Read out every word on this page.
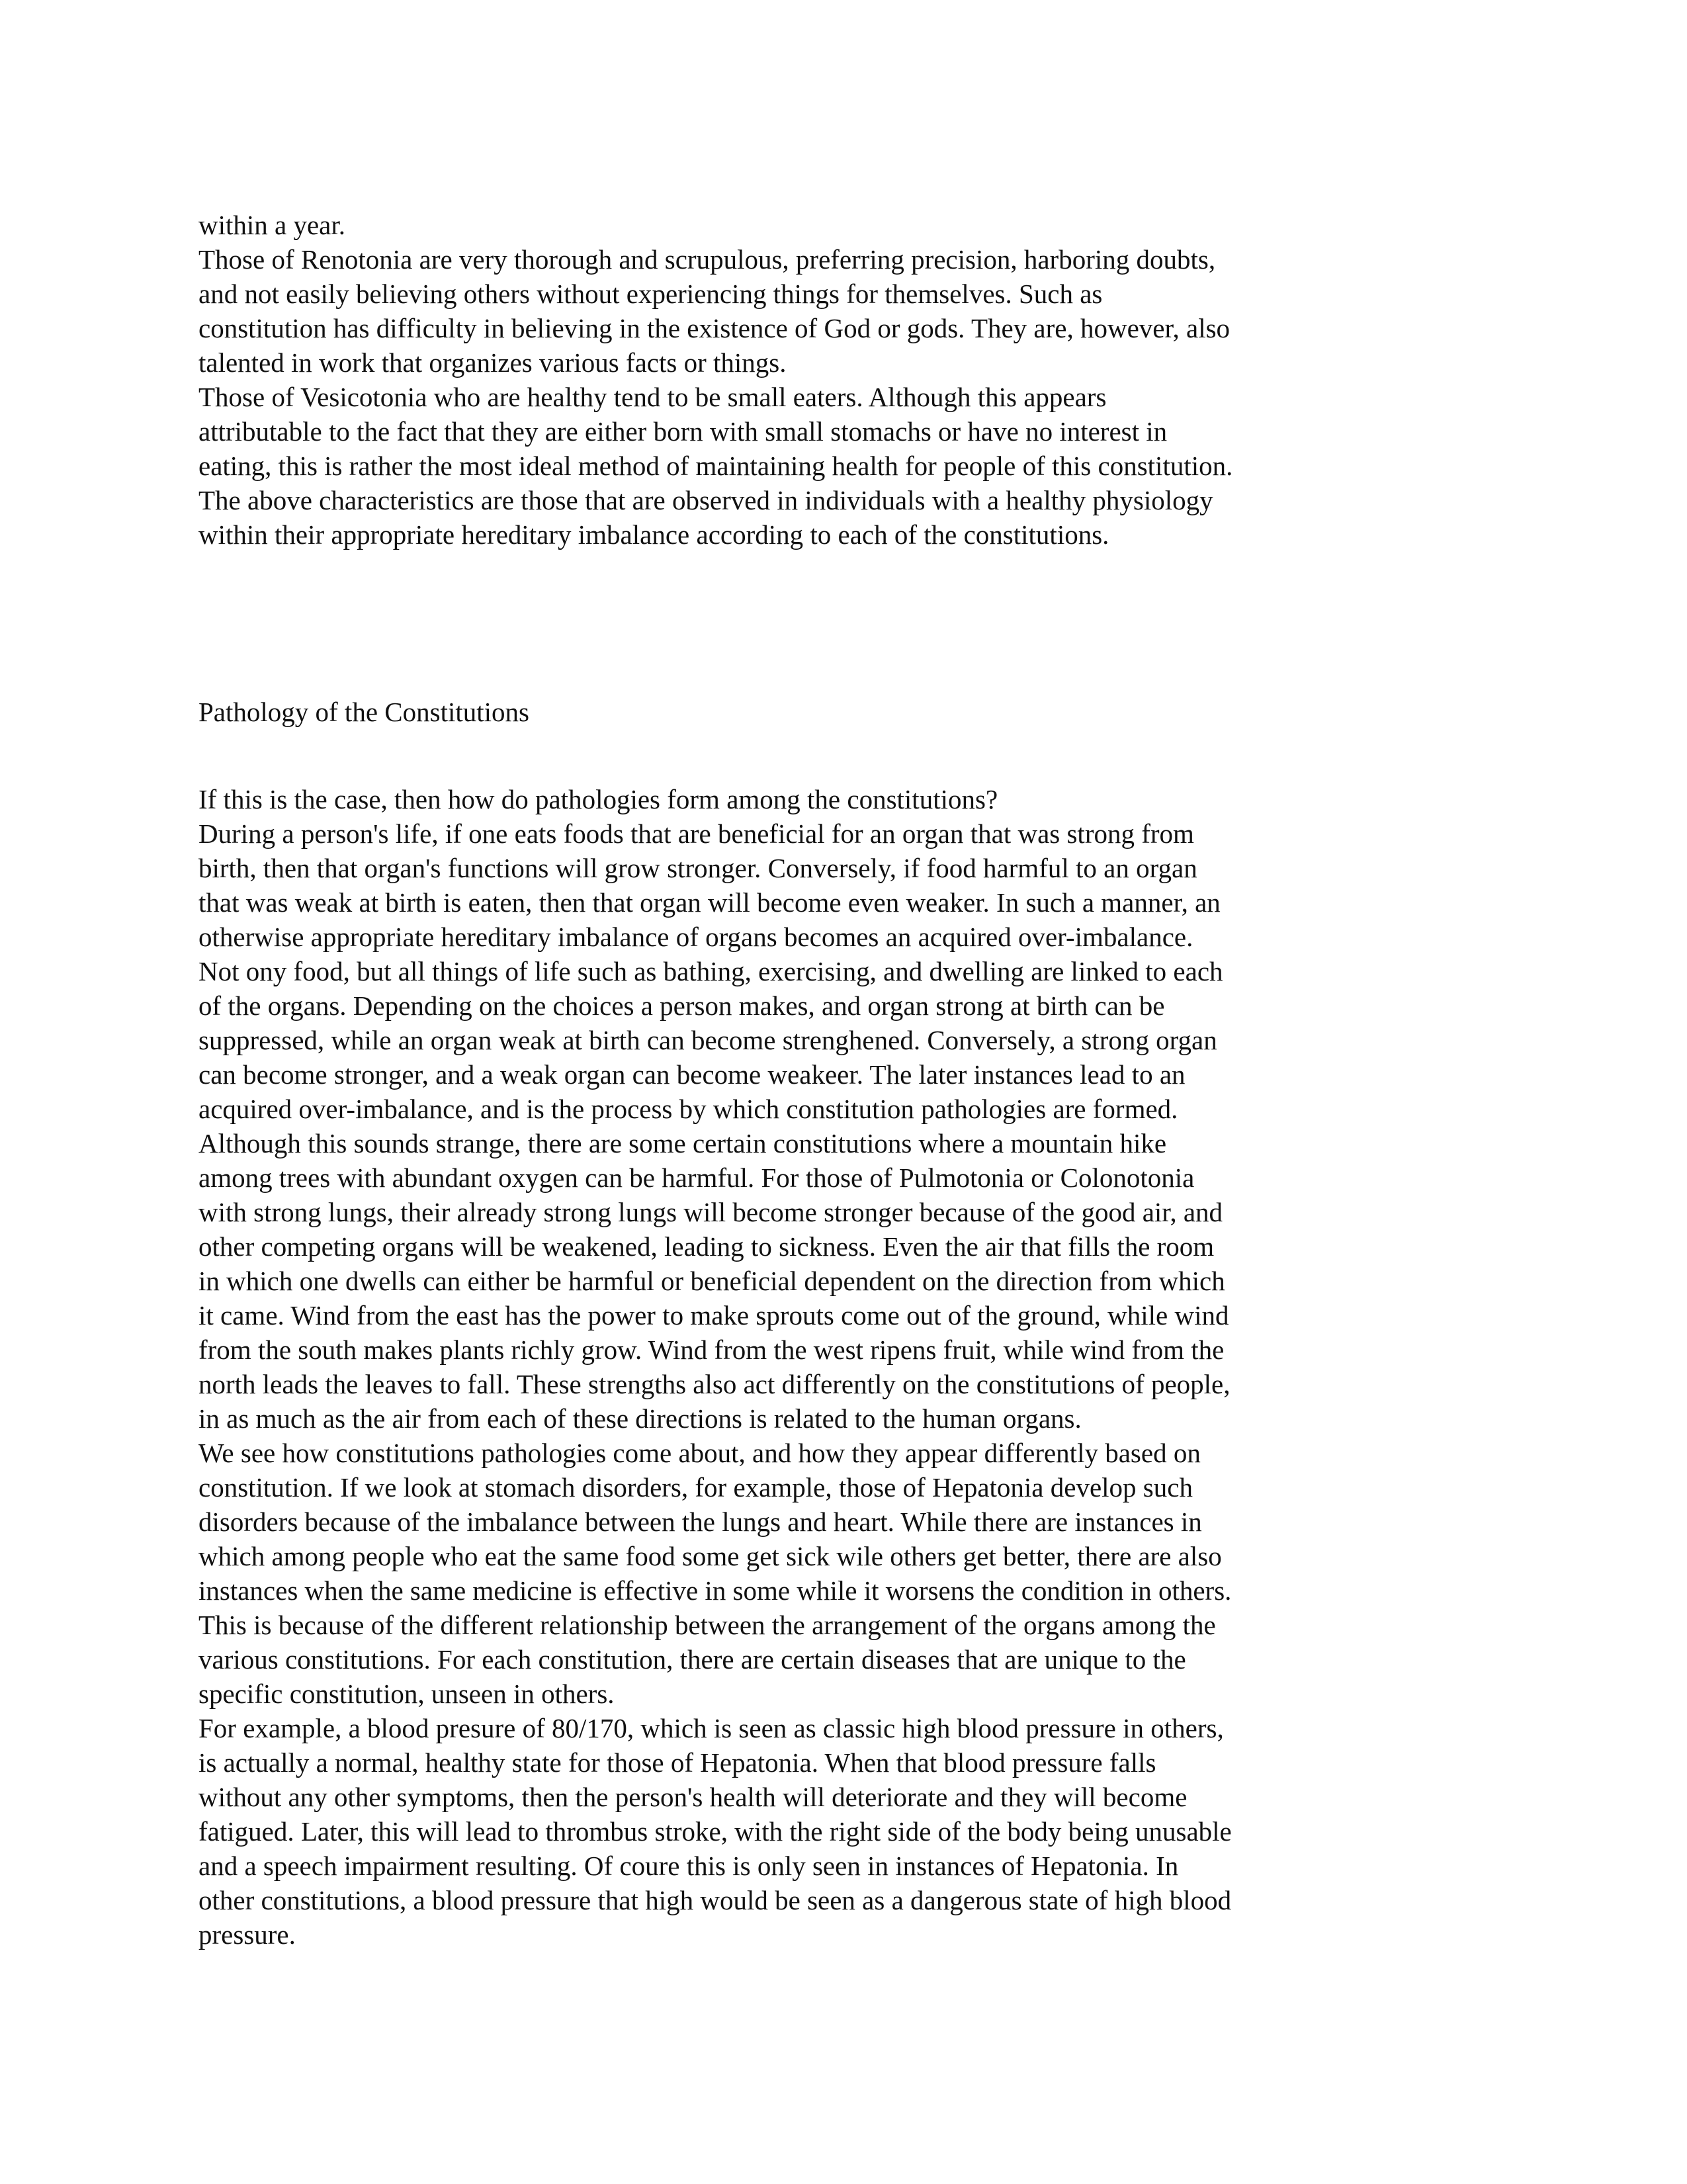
within a year.
Those of Renotonia are very thorough and scrupulous, preferring precision, harboring doubts,
and not easily believing others without experiencing things for themselves. Such as
constitution has difficulty in believing in the existence of God or gods. They are, however, also
talented in work that organizes various facts or things.
Those of Vesicotonia who are healthy tend to be small eaters. Although this appears
attributable to the fact that they are either born with small stomachs or have no interest in
eating, this is rather the most ideal method of maintaining health for people of this constitution.
The above characteristics are those that are observed in individuals with a healthy physiology
within their appropriate hereditary imbalance according to each of the constitutions.
Pathology of the Constitutions
If this is the case, then how do pathologies form among the constitutions?
During a person's life, if one eats foods that are beneficial for an organ that was strong from
birth, then that organ's functions will grow stronger. Conversely, if food harmful to an organ
that was weak at birth is eaten, then that organ will become even weaker. In such a manner, an
otherwise appropriate hereditary imbalance of organs becomes an acquired over-imbalance.
Not ony food, but all things of life such as bathing, exercising, and dwelling are linked to each
of the organs. Depending on the choices a person makes, and organ strong at birth can be
suppressed, while an organ weak at birth can become strenghened. Conversely, a strong organ
can become stronger, and a weak organ can become weakeer. The later instances lead to an
acquired over-imbalance, and is the process by which constitution pathologies are formed.
Although this sounds strange, there are some certain constitutions where a mountain hike
among trees with abundant oxygen can be harmful. For those of Pulmotonia or Colonotonia
with strong lungs, their already strong lungs will become stronger because of the good air, and
other competing organs will be weakened, leading to sickness. Even the air that fills the room
in which one dwells can either be harmful or beneficial dependent on the direction from which
it came. Wind from the east has the power to make sprouts come out of the ground, while wind
from the south makes plants richly grow. Wind from the west ripens fruit, while wind from the
north leads the leaves to fall. These strengths also act differently on the constitutions of people,
in as much as the air from each of these directions is related to the human organs.
We see how constitutions pathologies come about, and how they appear differently based on
constitution. If we look at stomach disorders, for example, those of Hepatonia develop such
disorders because of the imbalance between the lungs and heart. While there are instances in
which among people who eat the same food some get sick wile others get better, there are also
instances when the same medicine is effective in some while it worsens the condition in others.
This is because of the different relationship between the arrangement of the organs among the
various constitutions. For each constitution, there are certain diseases that are unique to the
specific constitution, unseen in others.
For example, a blood presure of 80/170, which is seen as classic high blood pressure in others,
is actually a normal, healthy state for those of Hepatonia. When that blood pressure falls
without any other symptoms, then the person's health will deteriorate and they will become
fatigued. Later, this will lead to thrombus stroke, with the right side of the body being unusable
and a speech impairment resulting. Of coure this is only seen in instances of Hepatonia. In
other constitutions, a blood pressure that high would be seen as a dangerous state of high blood
pressure.
